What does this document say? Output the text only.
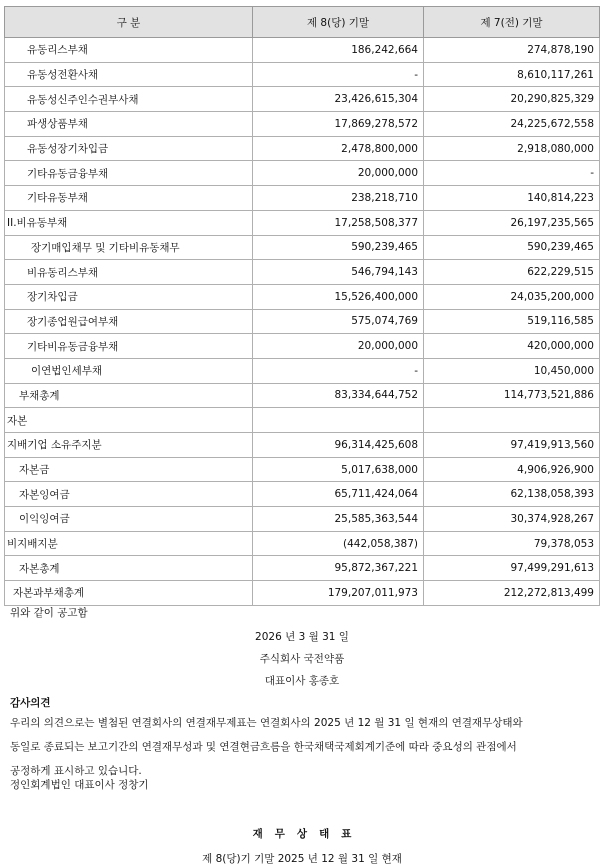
구 분	제 8(당) 기말	제 7(전) 기말
유동리스부채	186,242,664	274,878,190
유동성전환사채	-	8,610,117,261
유동성신주인수권부사채	23,426,615,304	20,290,825,329
파생상품부채	17,869,278,572	24,225,672,558
유동성장기차입금	2,478,800,000	2,918,080,000
기타유동금융부채	20,000,000	-
기타유동부채	238,218,710	140,814,223
II.비유동부채	17,258,508,377	26,197,235,565
장기매입채무 및 기타비유동채무	590,239,465	590,239,465
비유동리스부채	546,794,143	622,229,515
장기차입금	15,526,400,000	24,035,200,000
장기종업원급여부채	575,074,769	519,116,585
기타비유동금융부채	20,000,000	420,000,000
이연법인세부채	-	10,450,000
부채총계	83,334,644,752	114,773,521,886
자본		
지배기업 소유주지분	96,314,425,608	97,419,913,560
자본금	5,017,638,000	4,906,926,900
자본잉여금	65,711,424,064	62,138,058,393
이익잉여금	25,585,363,544	30,374,928,267
비지배지분	(442,058,387)	79,378,053
자본총계	95,872,367,221	97,499,291,613
자본과부채총계	179,207,011,973	212,272,813,499
위와 같이 공고함
2026 년 3 월 31 일
주식회사 국전약품
대표이사 홍종호
감사의견
우리의 의견으로는 별첨된 연결회사의 연결재무제표는 연결회사의 2025 년 12 월 31 일 현재의 연결재무상태와
동일로 종료되는 보고기간의 연결재무성과 및 연결현금흐름을 한국채택국제회계기준에 따라 중요성의 관점에서
공정하게 표시하고 있습니다.
정인회계법인 대표이사 정창기
재무상태표
제 8(당)기 기말 2025 년 12 월 31 일 현재
